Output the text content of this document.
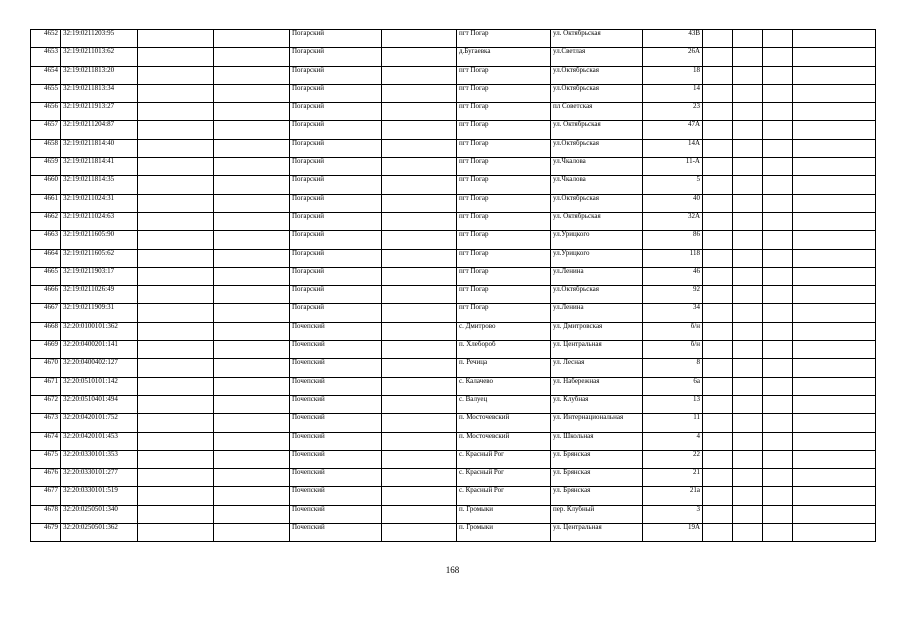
4652	32:19:0211203:95			Погарский		пгт Погар	ул. Октябрьская	43В				
4653	32:19:0211013:62			Погарский		д.Бугаевка	ул.Светлая	26А				
4654	32:19:0211813:20			Погарский		пгт Погар	ул.Октябрьская	18				
4655	32:19:0211813:34			Погарский		пгт Погар	ул.Октябрьская	14				
4656	32:19:0211913:27			Погарский		пгт Погар	пл Советская	23				
4657	32:19:0211204:87			Погарский		пгт Погар	ул. Октябрьская	47А				
4658	32:19:0211814:40			Погарский		пгт Погар	ул.Октябрьская	14А				
4659	32:19:0211814:41			Погарский		пгт Погар	ул.Чкалова	11-А				
4660	32:19:0211814:35			Погарский		пгт Погар	ул.Чкалова	5				
4661	32:19:0211024:31			Погарский		пгт Погар	ул.Октябрьская	40				
4662	32:19:0211024:63			Погарский		пгт Погар	ул. Октябрьская	32А				
4663	32:19:0211605:90			Погарский		пгт Погар	ул.Урицкого	86				
4664	32:19:0211605:62			Погарский		пгт Погар	ул.Урицкого	118				
4665	32:19:0211903:17			Погарский		пгт Погар	ул.Ленина	46				
4666	32:19:0211026:49			Погарский		пгт Погар	ул.Октябрьская	92				
4667	32:19:0211909:31			Погарский		пгт Погар	ул.Ленина	34				
4668	32:20:0100101:362			Почепский		с. Дмитрово	ул. Дмитровская	б/н				
4669	32:20:0400201:141			Почепский		п. Хлебороб	ул. Центральная	б/н				
4670	32:20:0400402:127			Почепский		п. Речица	ул. Лесная	8				
4671	32:20:0510101:142			Почепский		с. Калачево	ул. Набережная	6а				
4672	32:20:0510401:494			Почепский		с. Валуец	ул. Клубная	13				
4673	32:20:0420101:752			Почепский		п. Мосточевский	ул. Интернациональная	11				
4674	32:20:0420101:453			Почепский		п. Мосточевский	ул. Школьная	4				
4675	32:20:0330101:353			Почепский		с. Красный Рог	ул. Брянская	22				
4676	32:20:0330101:277			Почепский		с. Красный Рог	ул. Брянская	21				
4677	32:20:0330101:519			Почепский		с. Красный Рог	ул. Брянская	21а				
4678	32:20:0250501:340			Почепский		п. Громыки	пер. Клубный	3				
4679	32:20:0250501:362			Почепский		п. Громыки	ул. Центральная	19А				
168
